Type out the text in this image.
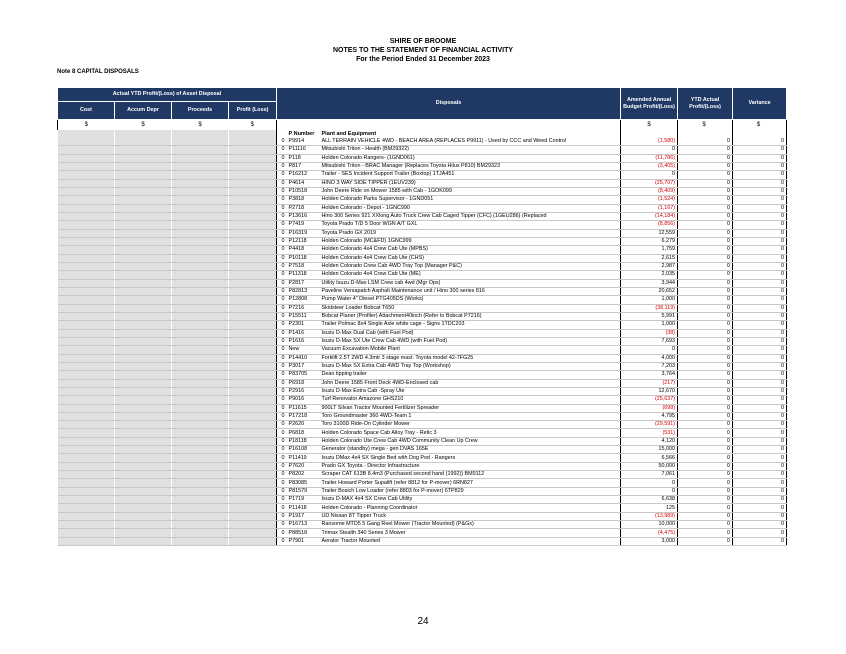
SHIRE OF BROOME
NOTES TO THE STATEMENT OF FINANCIAL ACTIVITY
For the Period Ended 31 December 2023
Note 8 CAPITAL DISPOSALS
Actual YTD Profit/(Loss) of Asset Disposal				Disposals			Amended Annual Budget Profit/(Loss)	YTD Actual Profit/(Loss)	Variance
Cost	Accum Depr	Proceeds	Profit (Loss)						
$	$	$	$				$	$	$
					P Number	Plant and Equipment			
				0	P9914	ALL TERRAIN VEHICLE 4WD - BEACH AREA (REPLACES P9911) - Used by CCC and Weed Control	(1,580)	0	0
				0	P11116	Mitsubishi Triton - Health (BM29322)	0	0	0
				0	P118	Holden Colorado Rangers- (1GND061)	(11,786)	0	0
				0	P817	Mitsubishi Triton - BRAC Manager (Replaces Toyota Hilux P810) BM29323	(3,405)	0	0
				0	P16212	Trailer - SES Incident Support Trailer (Boxtop) 1TJA451	0	0	0
				0	P4614	HINO 3 WAY SIDE TIPPER (1EUV239)	(25,707)	0	0
				0	P10518	John Deere Ride on Mower 1585 with Cab - 1GOK099	(8,409)	0	0
				0	P3818	Holden Colorado Parks Supervisor - 1GND051	(1,524)	0	0
				0	P2718	Holden Colorado - Depot - 1GNC990	(1,167)	0	0
				0	P13616	Hino 300 Series 921 XXlong Auto Truck Crew Cab Caged Tipper (CFC) (1GEU286) (Replaced	(14,184)	0	0
				0	P7419	Toyota Prado T/D 5 Door WGN A/T GXL	(8,856)	0	0
				0	P16319	Toyota Prado GX 2019	12,559	0	0
				0	P12118	Holden Colorado (MC&FD) 1GNC999	6,279	0	0
				0	P4418	Holden Colorado 4x4 Crew Cab Ute (MPBS)	1,759	0	0
				0	P10118	Holden Colorado 4x4 Crew Cab Ute (CHS)	2,615	0	0
				0	P7518	Holden Colorado Crew Cab 4WD Tray Top (Manager P&C)	2,987	0	0
				0	P11318	Holden Colorado 4x4 Crew Cab Ute (ME)	2,035	0	0
				0	P2817	Utility Isuzu D-Max LSM Crew cab 4wd (Mgr Ops)	3,944	0	0
				0	P82813	Paveline Versapatch Asphalt Maintenance unit / Hino 300 series 816	20,652	0	0
				0	P12808	Pump Water 4" Diesel PTG405DS (Works)	1,000	0	0
				0	P7216	Skidsteer Loader Bobcat T650	(38,119)	0	0
				0	P15511	Bobcat Planer (Profiler) Attachment40inch (Refer to Bobcat P7216)	5,991	0	0
				0	P2301	Trailer Polmac 8x4 Single Axle white cage - Signs 1TDC203	1,000	0	0
				0	P1416	Isuzu D-Max Dual Cab (with Fuel Pod)	(38)	0	0
				0	P1616	Isuzu D-Max SX Ute Crew Cab 4WD (with Fuel Pod)	7,693	0	0
				0	New	Vacuum Excavation Mobile Plant	0	0	0
				0	P14410	Forklift 2.5T 2WD 4.3mtr 3 stage mast. Toyota model 42-7FG25	4,000	0	0
				0	P3017	Isuzu D-Max SX Extra Cab 4WD Tray Top (Workshop)	7,203	0	0
				0	P83705	Dean tipping trailer	3,764	0	0
				0	P6918	John Deere 1585 Front Deck 4WD-Enclosed cab	(217)	0	0
				0	P2916	Isuzu D-Max Extra Cab -Spray Ute	12,670	0	0
				0	P9016	Turf Renovator Amazone GHS210	(25,637)	0	0
				0	P11615	900LT Silvan Tractor Mounted Fertilizer Spreader	(698)	0	0
				0	P17218	Toro Groundmaster 360 4WD-Team 1	4,795	0	0
				0	P2620	Toro 3100D Ride-On Cylinder Mower	(29,591)	0	0
				0	P6818	Holden Colorado Space Cab Alloy Tray - Retic 3	(531)	0	0
				0	P18118	Holden Colorado Ute Crew Cab 4WD Community Clean Up Crew	4,120	0	0
				0	P16108	Generator (standby) mega - gen DVAS 165E	15,000	0	0
				0	P11419	Isuzu DMax 4x4 SX Single Bed with Dog Pod - Rangers	6,566	0	0
				0	P7620	Prado GX Toyota - Director Infrastructure	50,000	0	0
				0	P8202	Scraper CAT 613B 8.4m3 (Purchased second hand (1992)) BM9112	7,061	0	0
				0	P83085	Trailer Howard Porter Supalift (refer 8812 for P-mover) 6RN827	0	0	0
				0	P81579	Trailer Bosich Low Loader (refer 8803 for P-mover) 6TP829	0	0	0
				0	P1719	Isuzu D-MAX 4x4 SX Crew Cab Utility	6,638	0	0
				0	P11418	Holden Colorado - Planning Coordinator	125	0	0
				0	P1917	UD Nissan 8T Tipper Truck	(13,989)	0	0
				0	P16713	Ransome MTD5 5 Gang Reel Mower (Tractor Mounted) (P&Gs)	10,000	0	0
				0	P88518	Trimax Stealth 340 Series 3 Mower	(4,475)	0	0
				0	P7901	Aerator Tractor Mounted	3,000	0	0
24
